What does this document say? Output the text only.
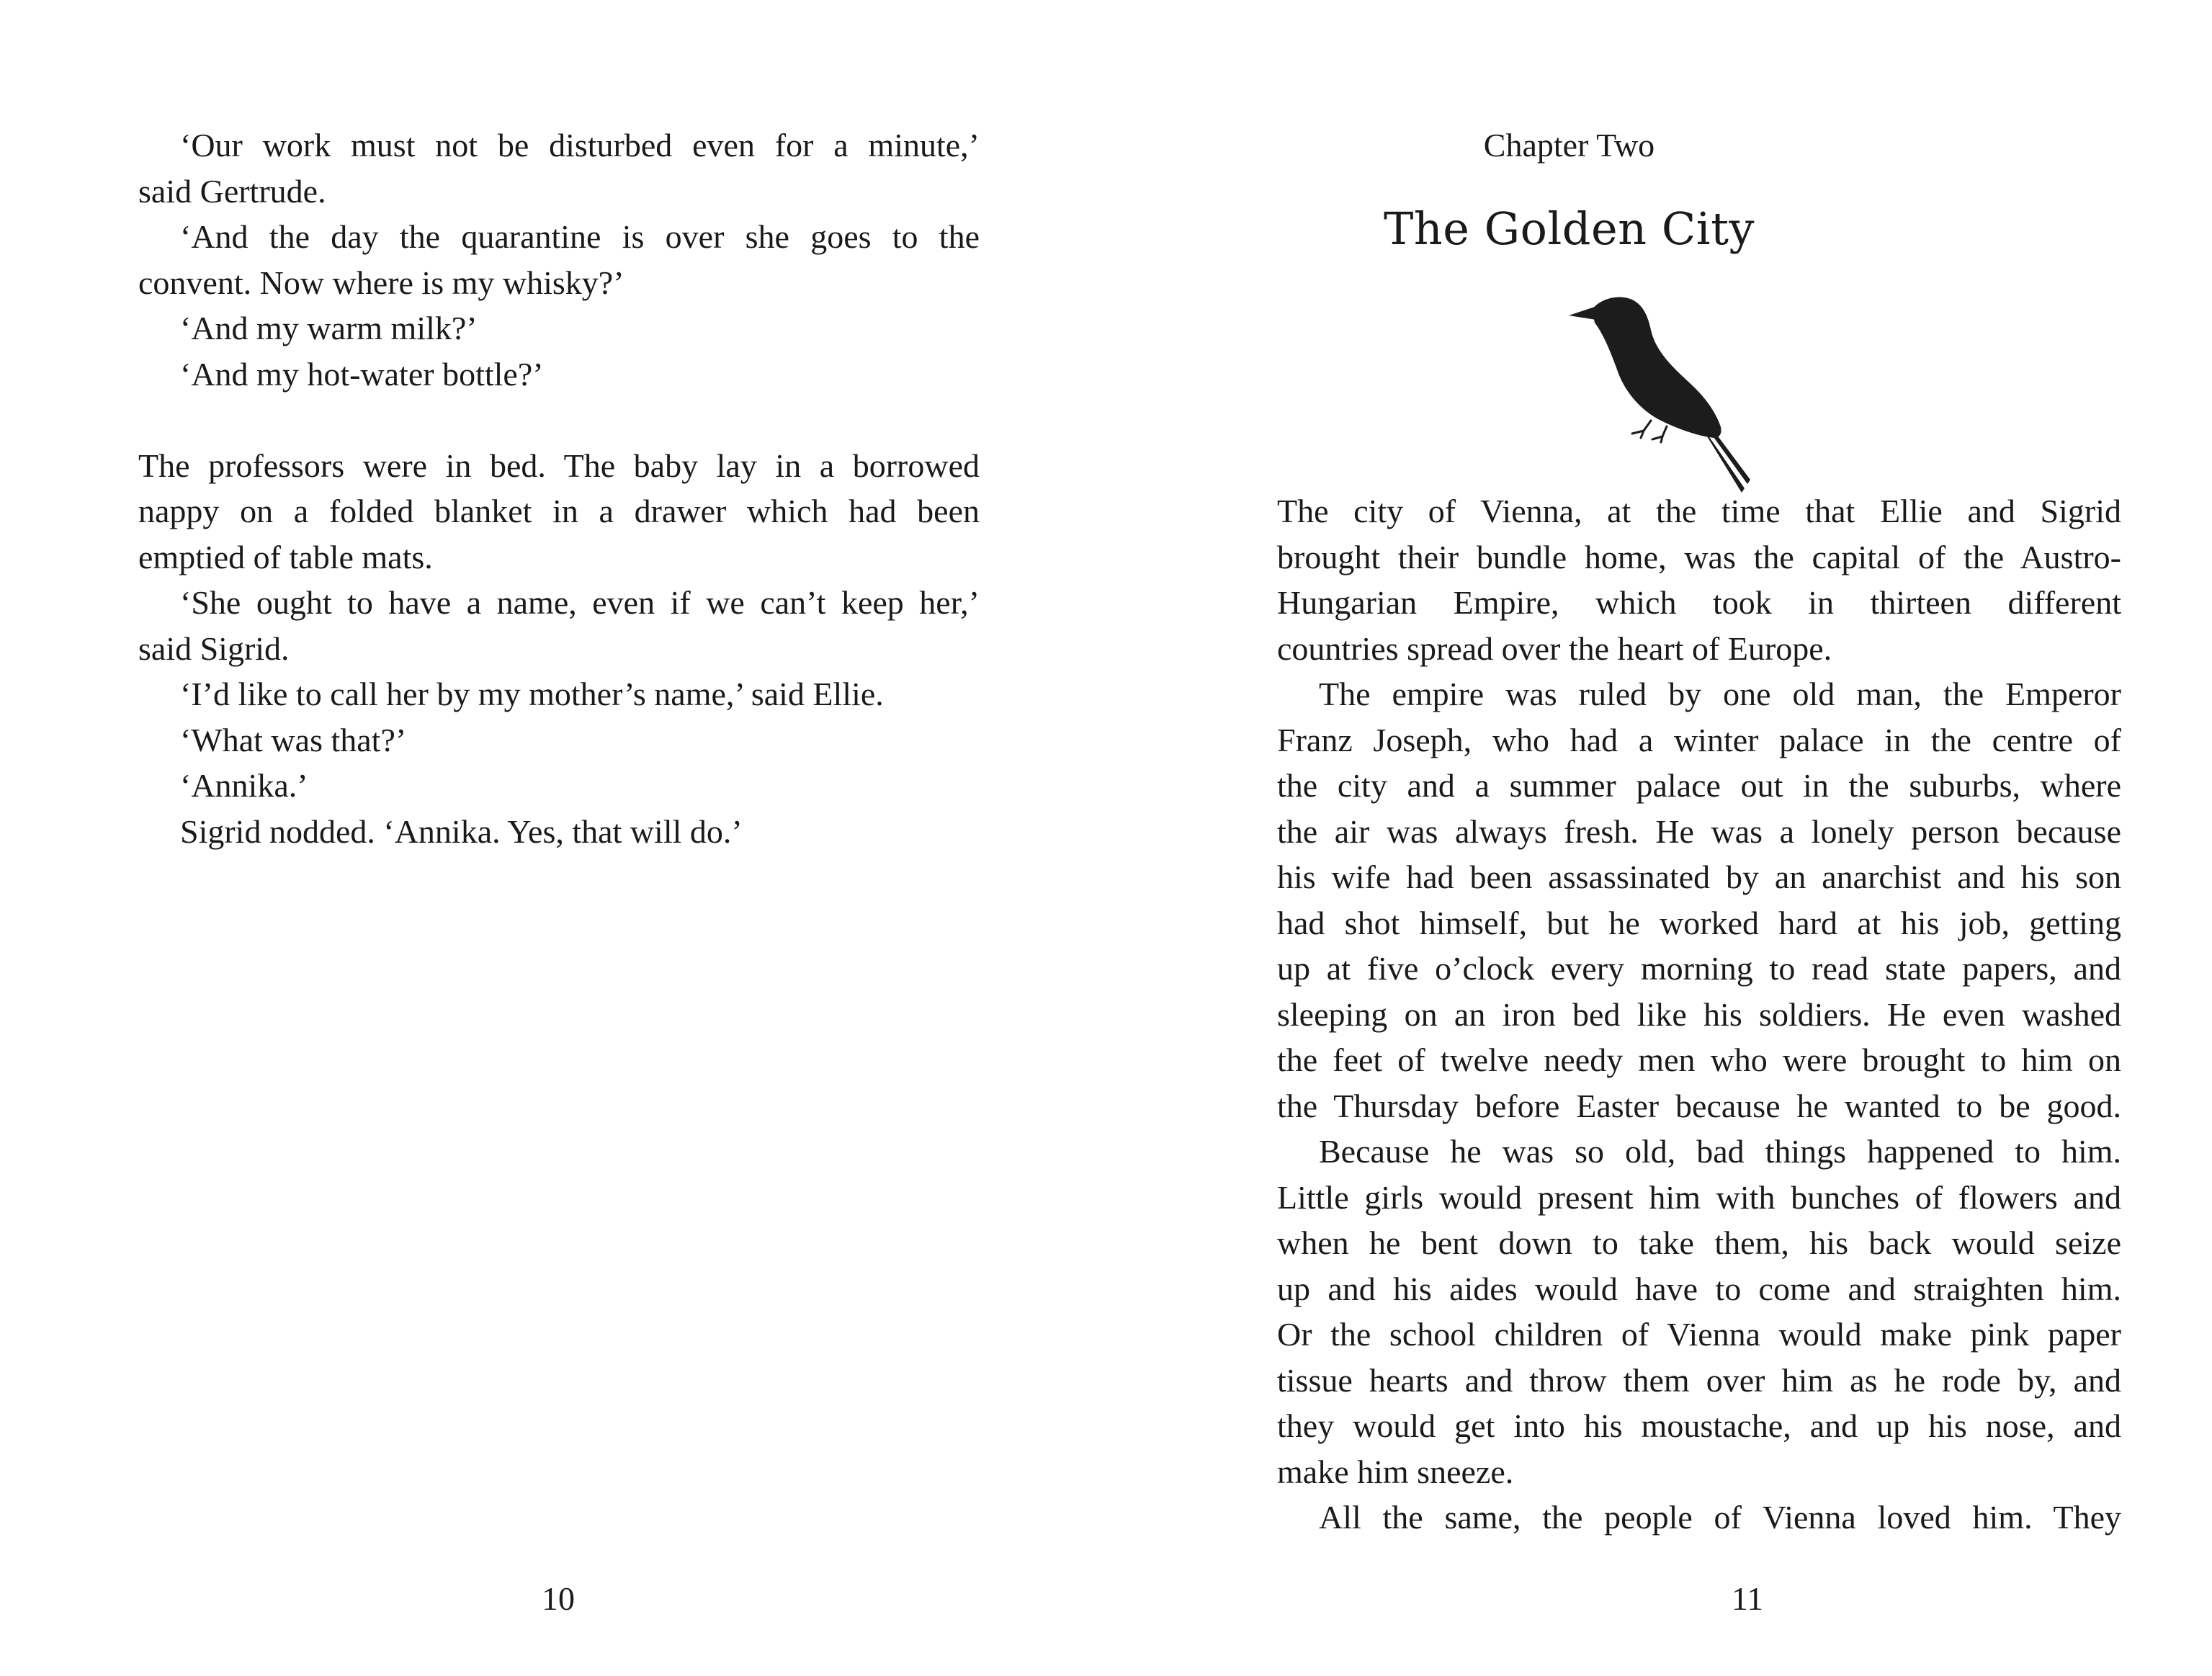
‘Our work must not be disturbed even for a minute,’
said Gertrude.
‘And the day the quarantine is over she goes to the
convent. Now where is my whisky?’
‘And my warm milk?’
‘And my hot-water bottle?’
The professors were in bed. The baby lay in a borrowed
nappy on a folded blanket in a drawer which had been
emptied of table mats.
‘She ought to have a name, even if we can’t keep her,’
said Sigrid.
‘I’d like to call her by my mother’s name,’ said Ellie.
‘What was that?’
‘Annika.’
Sigrid nodded. ‘Annika. Yes, that will do.’
10
Chapter Two
The Golden City
The city of Vienna, at the time that Ellie and Sigrid
brought their bundle home, was the capital of the Austro-
Hungarian Empire, which took in thirteen different
countries spread over the heart of Europe.
The empire was ruled by one old man, the Emperor
Franz Joseph, who had a winter palace in the centre of
the city and a summer palace out in the suburbs, where
the air was always fresh. He was a lonely person because
his wife had been assassinated by an anarchist and his son
had shot himself, but he worked hard at his job, getting
up at five o’clock every morning to read state papers, and
sleeping on an iron bed like his soldiers. He even washed
the feet of twelve needy men who were brought to him on
the Thursday before Easter because he wanted to be good.
Because he was so old, bad things happened to him.
Little girls would present him with bunches of flowers and
when he bent down to take them, his back would seize
up and his aides would have to come and straighten him.
Or the school children of Vienna would make pink paper
tissue hearts and throw them over him as he rode by, and
they would get into his moustache, and up his nose, and
make him sneeze.
All the same, the people of Vienna loved him. They
11
